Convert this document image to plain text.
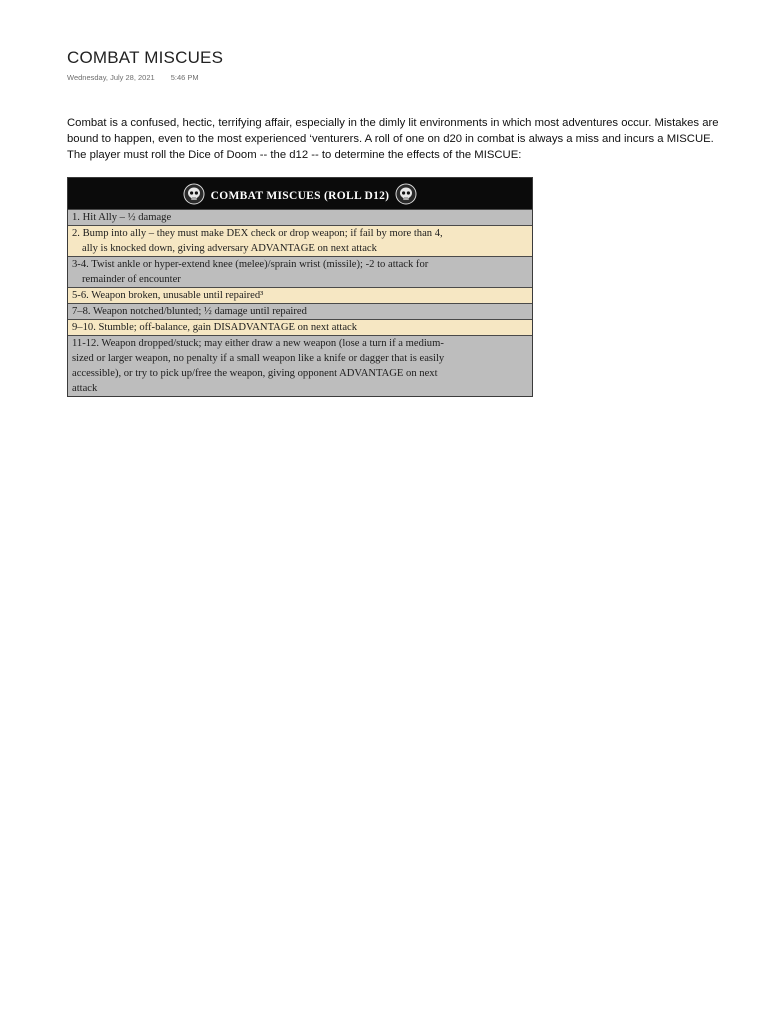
COMBAT MISCUES
Wednesday, July 28, 2021 5:46 PM
Combat is a confused, hectic, terrifying affair, especially in the dimly lit environments in which most adventures occur. Mistakes are
bound to happen, even to the most experienced ‘venturers. A roll of one on d20 in combat is always a miss and incurs a MISCUE.
The player must roll the Dice of Doom -- the d12 -- to determine the effects of the MISCUE:
COMBAT MISCUES (ROLL D12)
1. Hit Ally – ½ damage
2. Bump into ally – they must make DEX check or drop weapon; if fail by more than 4,
ally is knocked down, giving adversary ADVANTAGE on next attack
3-4. Twist ankle or hyper-extend knee (melee)/sprain wrist (missile); -2 to attack for
remainder of encounter
5-6. Weapon broken, unusable until repaired³
7–8. Weapon notched/blunted; ½ damage until repaired
9–10. Stumble; off-balance, gain DISADVANTAGE on next attack
11-12. Weapon dropped/stuck; may either draw a new weapon (lose a turn if a medium-
sized or larger weapon, no penalty if a small weapon like a knife or dagger that is easily
accessible), or try to pick up/free the weapon, giving opponent ADVANTAGE on next
attack
